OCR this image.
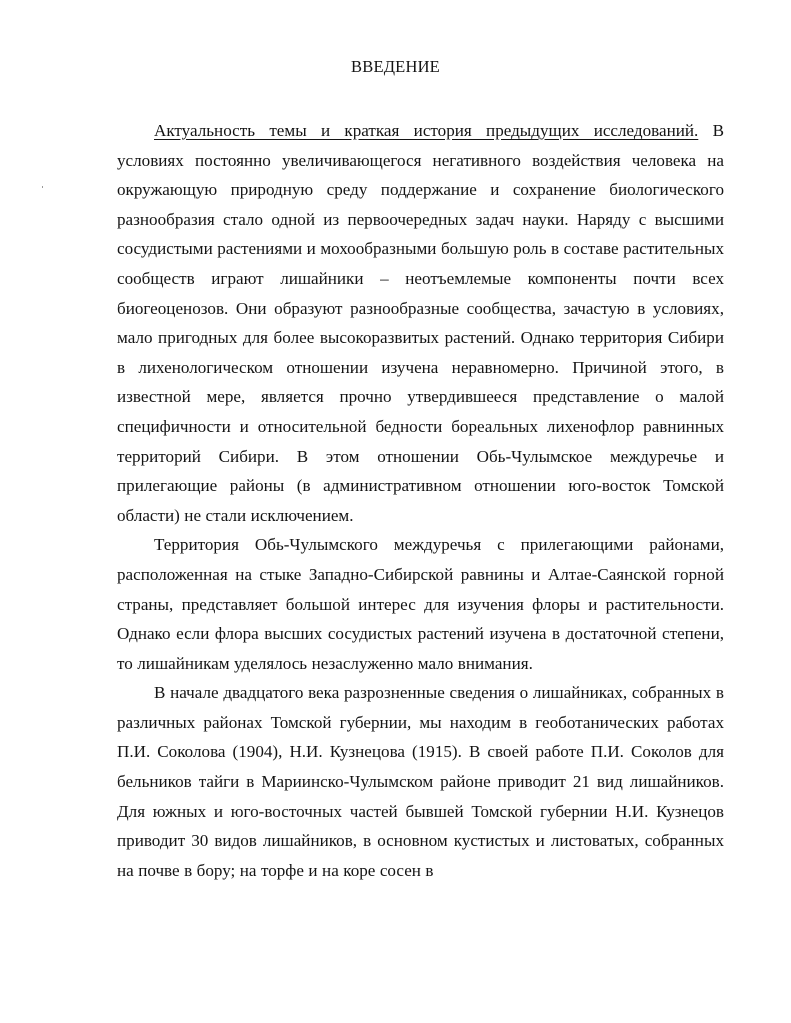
ВВЕДЕНИЕ

Актуальность темы и краткая история предыдущих исследований. В условиях постоянно увеличивающегося негативного воздействия человека на окружающую природную среду поддержание и сохранение биологического разнообразия стало одной из первоочередных задач науки. Наряду с высшими сосудистыми растениями и мохообразными большую роль в составе растительных сообществ играют лишайники – неотъемлемые компоненты почти всех биогеоценозов. Они образуют разнообразные сообщества, зачастую в условиях, мало пригодных для более высокоразвитых растений. Однако территория Сибири в лихенологическом отношении изучена неравномерно. Причиной этого, в известной мере, является прочно утвердившееся представление о малой специфичности и относительной бедности бореальных лихенофлор равнинных территорий Сибири. В этом отношении Обь-Чулымское междуречье и прилегающие районы (в административном отношении юго-восток Томской области) не стали исключением.

Территория Обь-Чулымского междуречья с прилегающими районами, расположенная на стыке Западно-Сибирской равнины и Алтае-Саянской горной страны, представляет большой интерес для изучения флоры и растительности. Однако если флора высших сосудистых растений изучена в достаточной степени, то лишайникам уделялось незаслуженно мало внимания.

В начале двадцатого века разрозненные сведения о лишайниках, собранных в различных районах Томской губернии, мы находим в геоботанических работах П.И. Соколова (1904), Н.И. Кузнецова (1915). В своей работе П.И. Соколов для бельников тайги в Мариинско-Чулымском районе приводит 21 вид лишайников. Для южных и юго-восточных частей бывшей Томской губернии Н.И. Кузнецов приводит 30 видов лишайников, в основном кустистых и листоватых, собранных на почве в бору; на торфе и на коре сосен в
